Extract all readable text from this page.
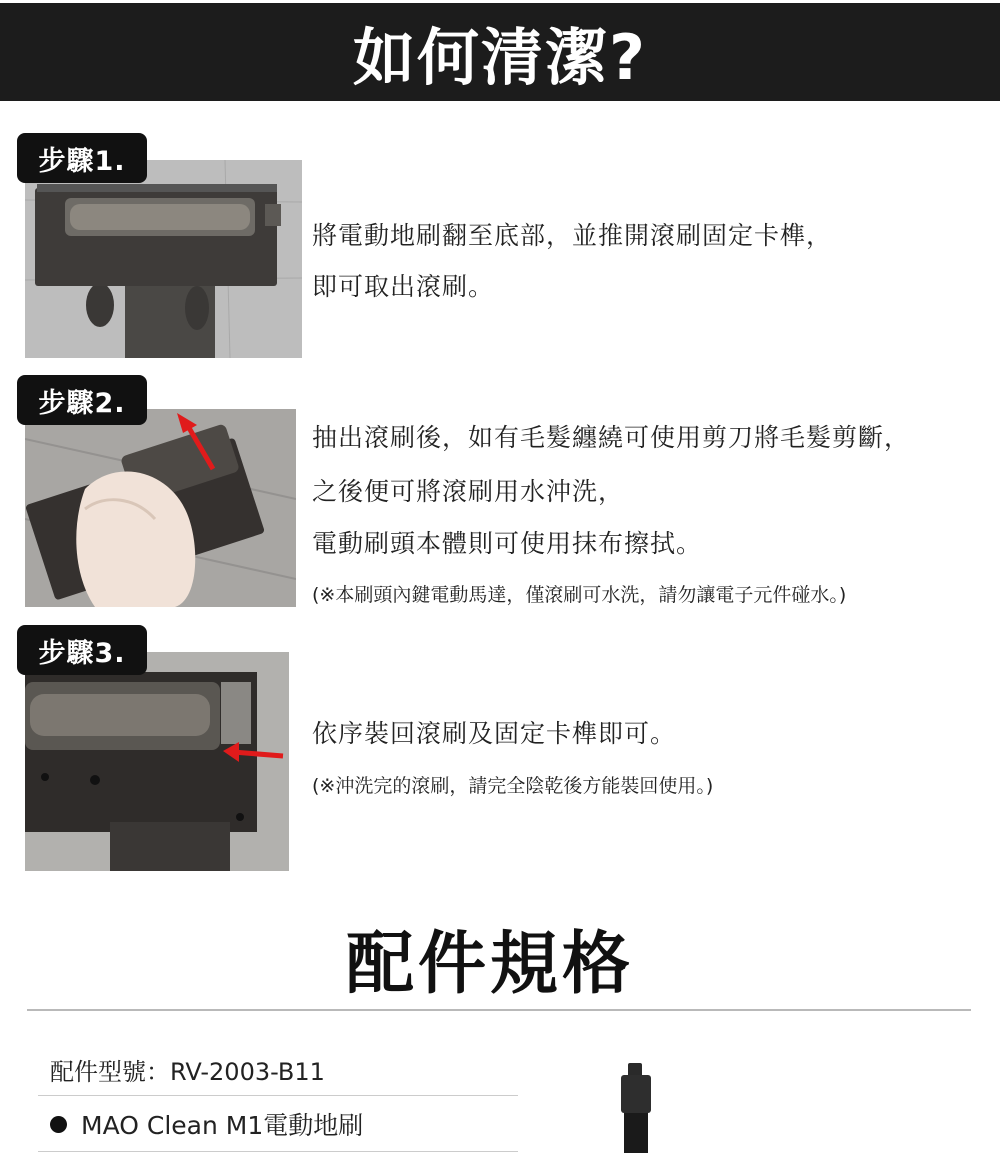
如何清潔?
步驟1.
將電動地刷翻至底部，並推開滾刷固定卡榫，
即可取出滾刷。
步驟2.
抽出滾刷後，如有毛髮纏繞可使用剪刀將毛髮剪斷，
之後便可將滾刷用水沖洗，
電動刷頭本體則可使用抹布擦拭。
(※本刷頭內鍵電動馬達，僅滾刷可水洗，請勿讓電子元件碰水。)
步驟3.
依序裝回滾刷及固定卡榫即可。
(※沖洗完的滾刷，請完全陰乾後方能裝回使用。)
配件規格
配件型號：RV-2003-B11
MAO Clean M1電動地刷
